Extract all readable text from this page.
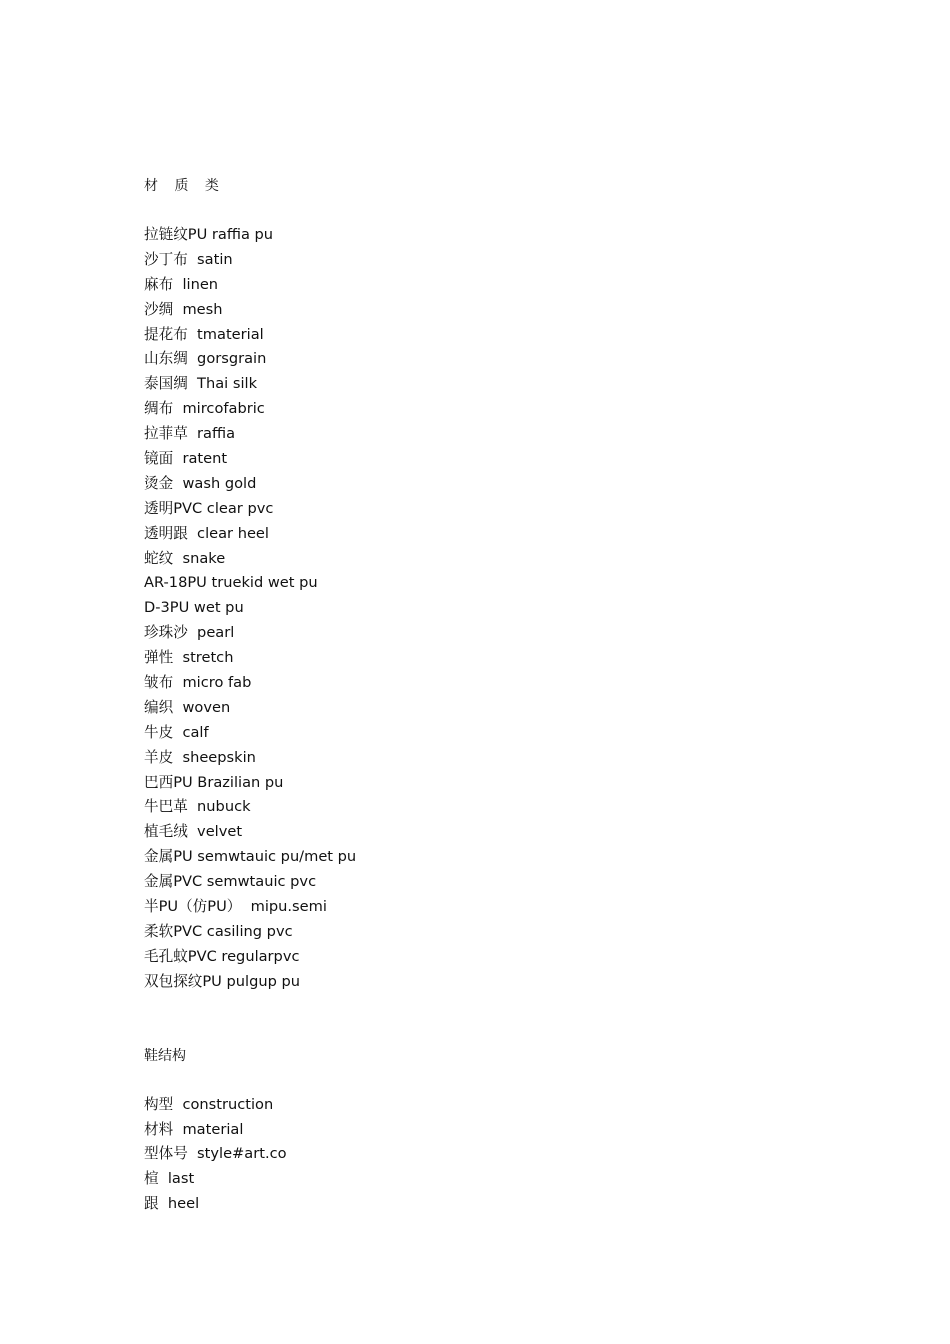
材 质 类
拉链纹PU raffia pu
沙丁布  satin
麻布  linen
沙绸  mesh
提花布  tmaterial
山东绸  gorsgrain
泰国绸  Thai silk
绸布  mircofabric
拉菲草  raffia
镜面  ratent
烫金  wash gold
透明PVC clear pvc
透明跟  clear heel
蛇纹  snake
AR-18PU truekid wet pu
D-3PU wet pu
珍珠沙  pearl
弹性  stretch
皱布  micro fab
编织  woven
牛皮  calf
羊皮  sheepskin
巴西PU Brazilian pu
牛巴革  nubuck
植毛绒  velvet
金属PU semwtauic pu/met pu
金属PVC semwtauic pvc
半PU（仿PU）  mipu.semi
柔软PVC casiling pvc
毛孔蚊PVC regularpvc
双包探纹PU pulgup pu
鞋结构
构型  construction
材料  material
型体号  style#art.co
楦  last
跟  heel
